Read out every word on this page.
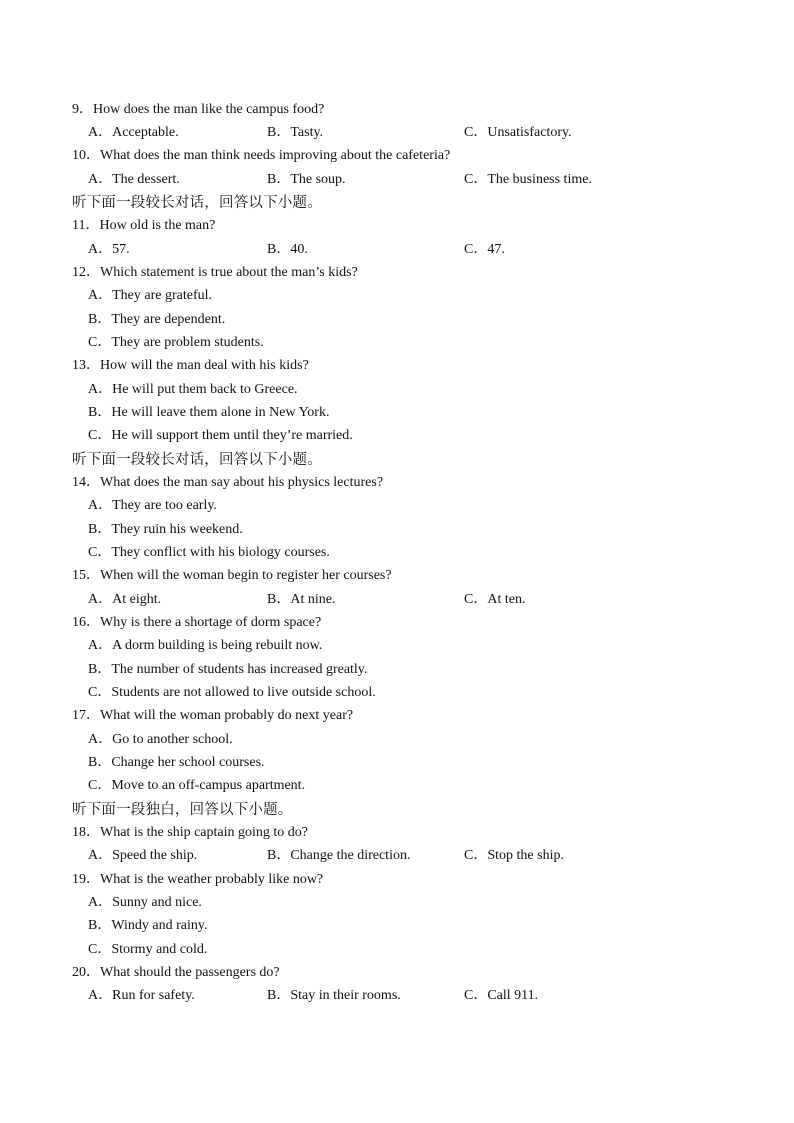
9．How does the man like the campus food?
A．Acceptable.	B．Tasty.	C．Unsatisfactory.
10．What does the man think needs improving about the cafeteria?
A．The dessert.	B．The soup.	C．The business time.
听下面一段较长对话，回答以下小题。
11．How old is the man?
A．57.	B．40.	C．47.
12．Which statement is true about the man’s kids?
A．They are grateful.
B．They are dependent.
C．They are problem students.
13．How will the man deal with his kids?
A．He will put them back to Greece.
B．He will leave them alone in New York.
C．He will support them until they’re married.
听下面一段较长对话，回答以下小题。
14．What does the man say about his physics lectures?
A．They are too early.
B．They ruin his weekend.
C．They conflict with his biology courses.
15．When will the woman begin to register her courses?
A．At eight.	B．At nine.	C．At ten.
16．Why is there a shortage of dorm space?
A．A dorm building is being rebuilt now.
B．The number of students has increased greatly.
C．Students are not allowed to live outside school.
17．What will the woman probably do next year?
A．Go to another school.
B．Change her school courses.
C．Move to an off-campus apartment.
听下面一段独白，回答以下小题。
18．What is the ship captain going to do?
A．Speed the ship.	B．Change the direction.	C．Stop the ship.
19．What is the weather probably like now?
A．Sunny and nice.
B．Windy and rainy.
C．Stormy and cold.
20．What should the passengers do?
A．Run for safety.	B．Stay in their rooms.	C．Call 911.
